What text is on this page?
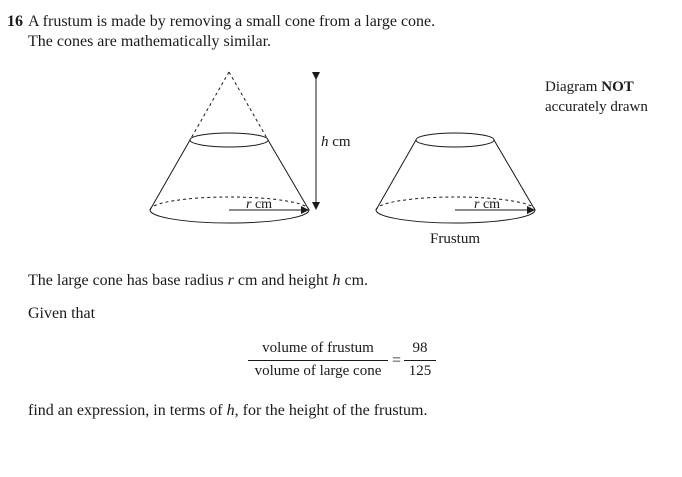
16 A frustum is made by removing a small cone from a large cone.
The cones are mathematically similar.
Diagram NOT
accurately drawn
h cm
r cm	r cm
Frustum
The large cone has base radius r cm and height h cm.
Given that
volume of frustum
volume of large cone
=
98
125
find an expression, in terms of h, for the height of the frustum.
